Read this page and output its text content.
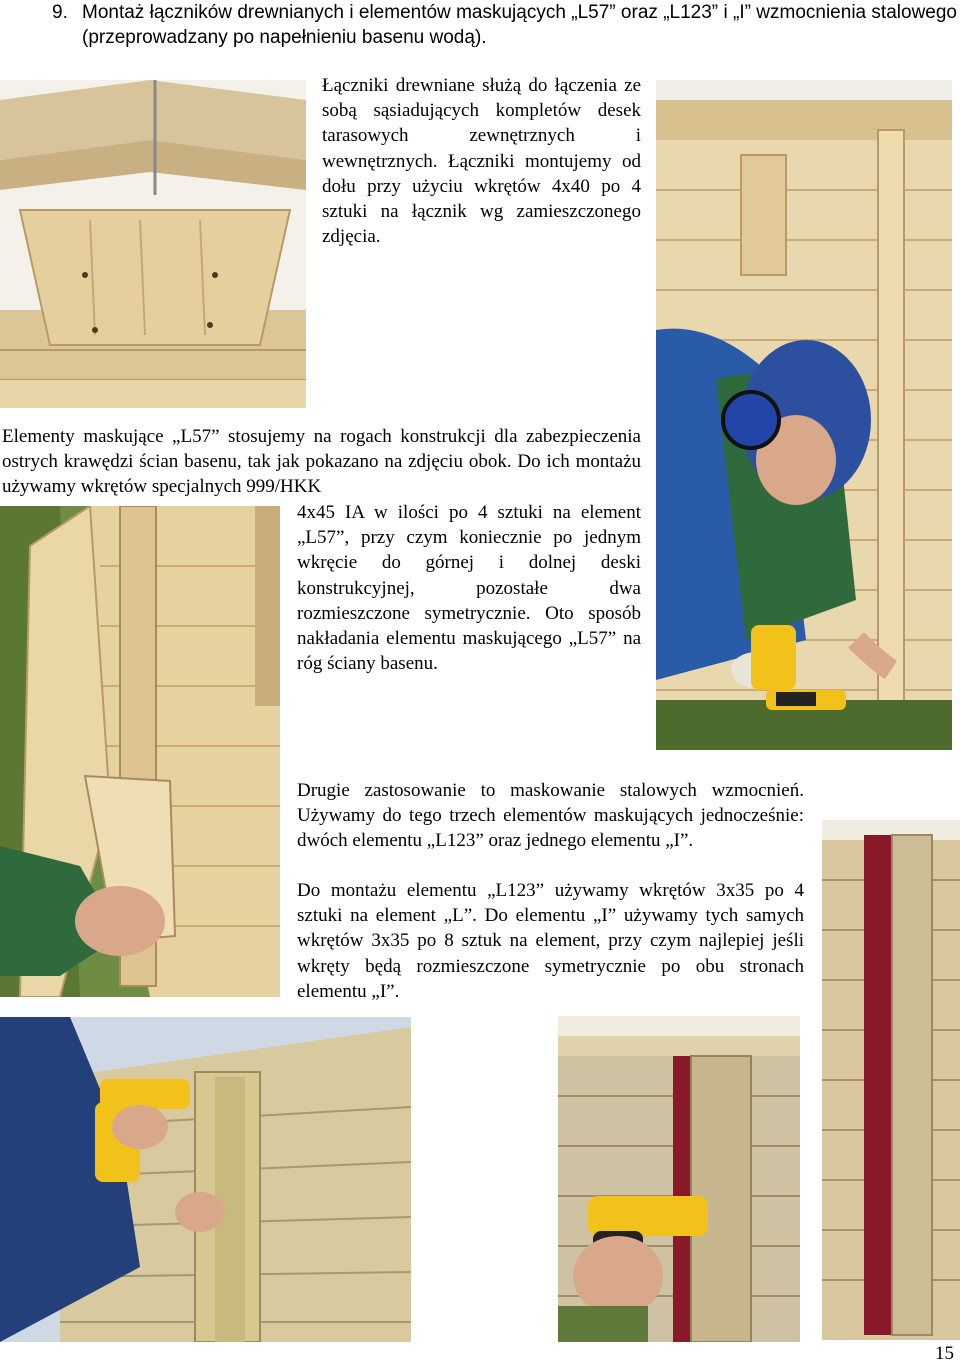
9. Montaż łączników drewnianych i elementów maskujących „L57” oraz „L123” i „I” wzmocnienia stalowego (przeprowadzany po napełnieniu basenu wodą).
Łączniki drewniane służą do łączenia ze sobą sąsiadujących kompletów desek tarasowych zewnętrznych i wewnętrznych. Łączniki montujemy od dołu przy użyciu wkrętów 4x40 po 4 sztuki na łącznik wg zamieszczonego zdjęcia.
Elementy maskujące „L57” stosujemy na rogach konstrukcji dla zabezpieczenia ostrych krawędzi ścian basenu, tak jak pokazano na zdjęciu obok. Do ich montażu używamy wkrętów specjalnych 999/HKK
4x45 IA w ilości po 4 sztuki na element „L57”, przy czym koniecznie po jednym wkręcie do górnej i dolnej deski konstrukcyjnej, pozostałe dwa rozmieszczone symetrycznie. Oto sposób nakładania elementu maskującego „L57” na róg ściany basenu.
Drugie zastosowanie to maskowanie stalowych wzmocnień. Używamy do tego trzech elementów maskujących jednocześnie: dwóch elementu „L123” oraz jednego elementu „I”.
Do montażu elementu „L123” używamy wkrętów 3x35 po 4 sztuki na element „L”. Do elementu „I” używamy tych samych wkrętów 3x35 po 8 sztuk na element, przy czym najlepiej jeśli wkręty będą rozmieszczone symetrycznie po obu stronach elementu „I”.
15
